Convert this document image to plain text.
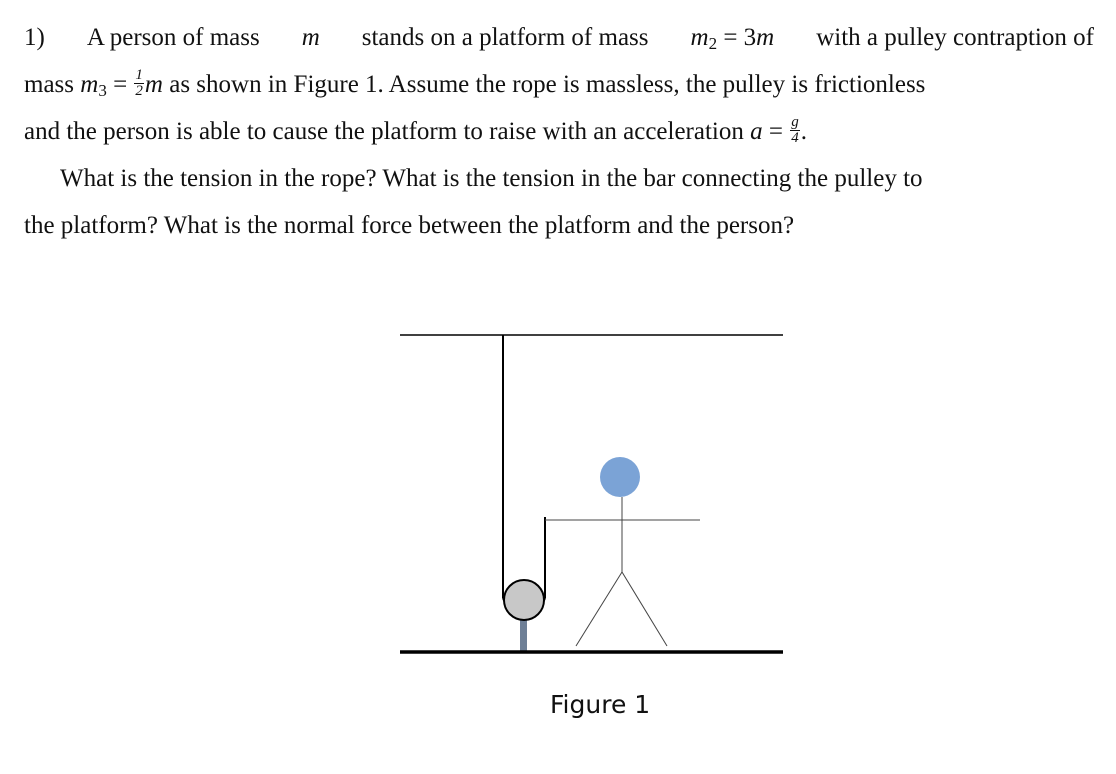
1) A person of mass m stands on a platform of mass $m_2 = 3m$ with a pulley contraption of
mass $m_3 = \frac{1}{2}$ m as shown in Figure 1. Assume the rope is massless, the pulley is frictionless
and the person is able to cause the platform to raise with an acceleration $a = \frac{g}{4}$ .
What is the tension in the rope? What is the tension in the bar connecting the pulley to
the platform? What is the normal force between the platform and the person?
Figure 1
